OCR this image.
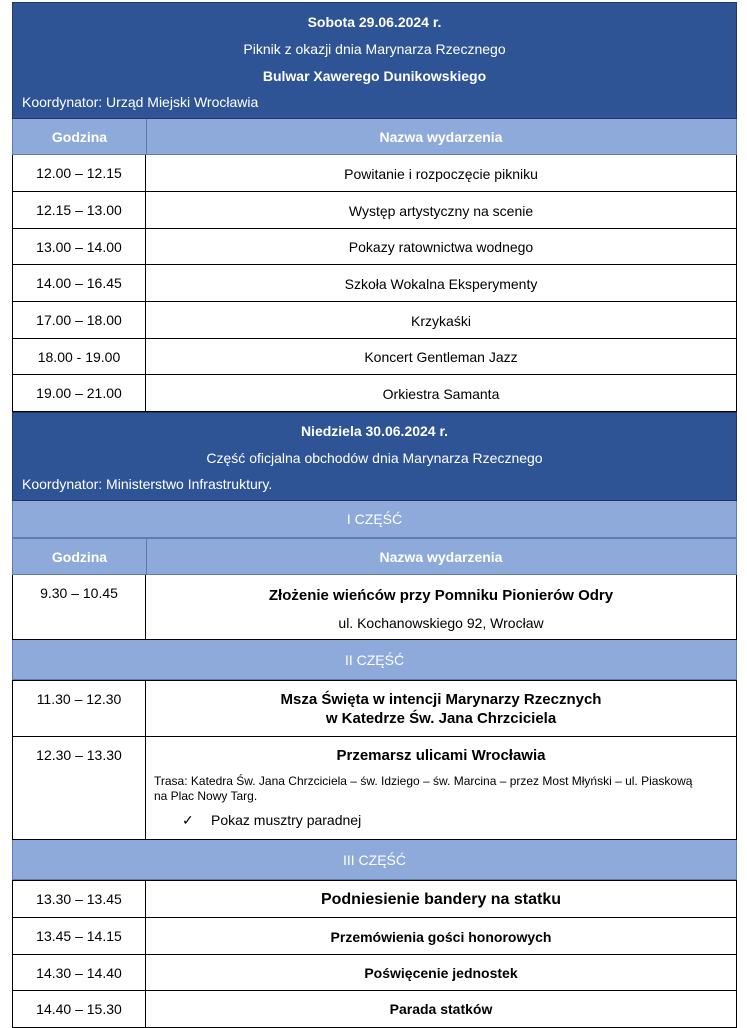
Sobota 29.06.2024 r.
Piknik z okazji dnia Marynarza Rzecznego
Bulwar Xawerego Dunikowskiego
Koordynator: Urząd Miejski Wrocławia
Godzina	Nazwa wydarzenia
12.00 – 12.15	Powitanie i rozpoczęcie pikniku
12.15 – 13.00	Występ artystyczny na scenie
13.00 – 14.00	Pokazy ratownictwa wodnego
14.00 – 16.45	Szkoła Wokalna Eksperymenty
17.00 – 18.00	Krzykaśki
18.00 - 19.00	Koncert Gentleman Jazz
19.00 – 21.00	Orkiestra Samanta
Niedziela 30.06.2024 r.
Część oficjalna obchodów dnia Marynarza Rzecznego
Koordynator: Ministerstwo Infrastruktury.
I CZĘŚĆ
Godzina	Nazwa wydarzenia
9.30 – 10.45	Złożenie wieńców przy Pomniku Pionierów Odry
ul. Kochanowskiego 92, Wrocław
II CZĘŚĆ
11.30 – 12.30	Msza Święta w intencji Marynarzy Rzecznych
w Katedrze Św. Jana Chrzciciela
12.30 – 13.30	Przemarsz ulicami Wrocławia
Trasa: Katedra Św. Jana Chrzciciela – św. Idziego – św. Marcina – przez Most Młyński – ul. Piaskową na Plac Nowy Targ.
✓ Pokaz musztry paradnej
III CZĘŚĆ
13.30 – 13.45	Podniesienie bandery na statku
13.45 – 14.15	Przemówienia gości honorowych
14.30 – 14.40	Poświęcenie jednostek
14.40 – 15.30	Parada statków
